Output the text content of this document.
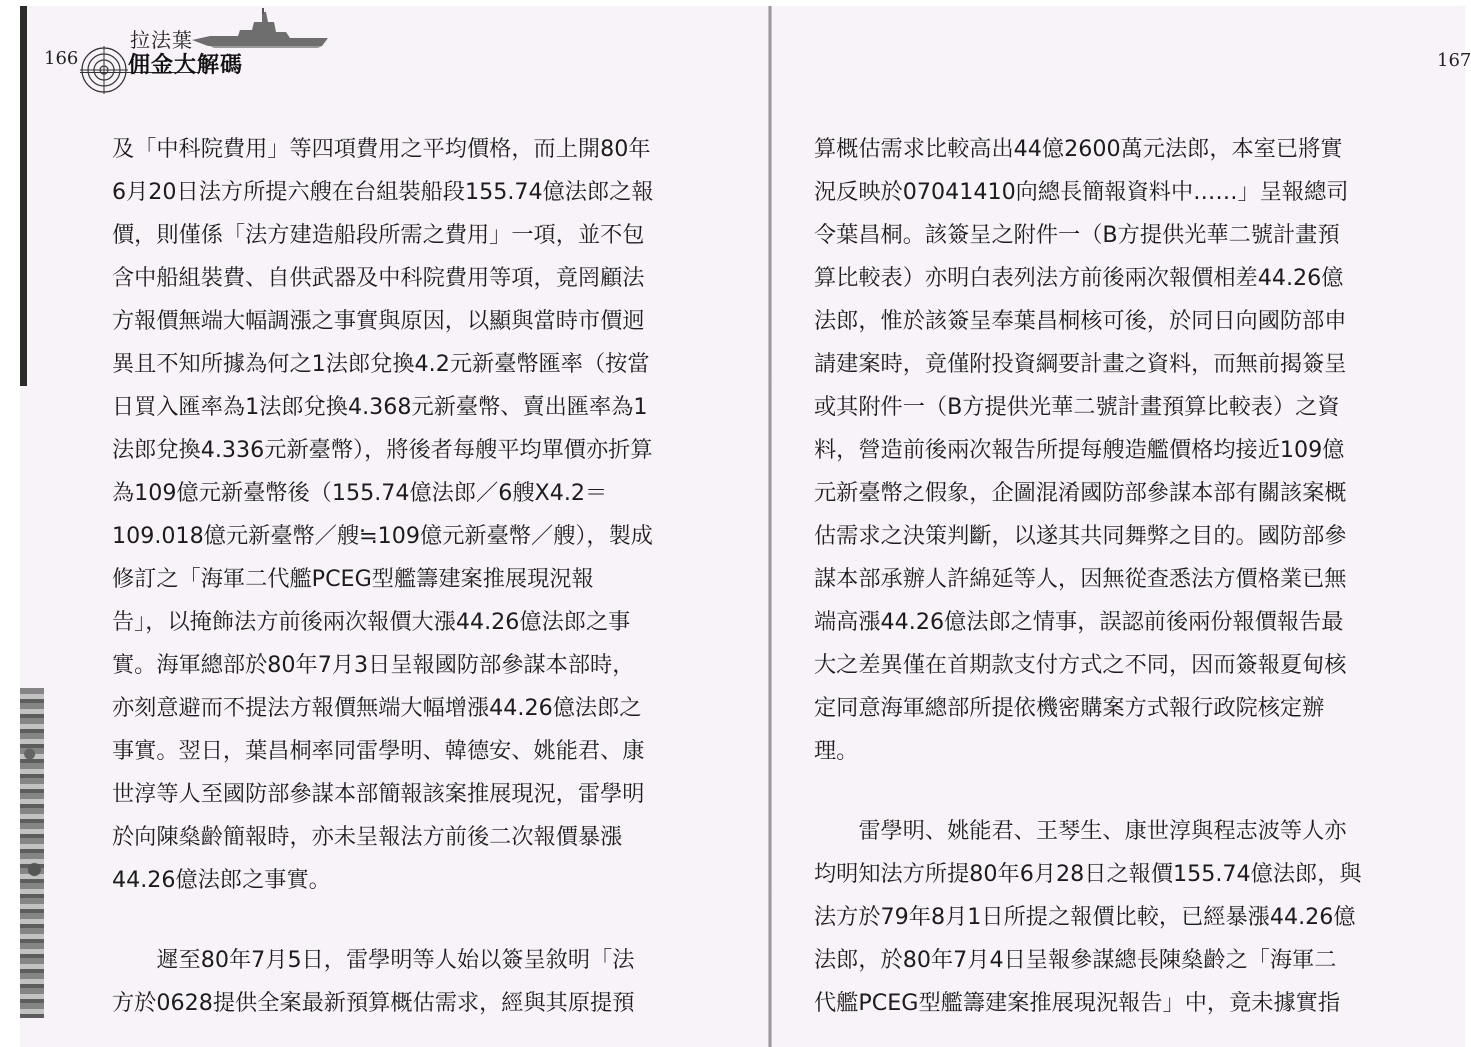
166	167
拉法葉
佣金大解碼
及「中科院費用」等四項費用之平均價格，而上開80年
6月20日法方所提六艘在台組裝船段155.74億法郎之報
價，則僅係「法方建造船段所需之費用」一項，並不包
含中船組裝費、自供武器及中科院費用等項，竟罔顧法
方報價無端大幅調漲之事實與原因，以顯與當時市價迥
異且不知所據為何之1法郎兌換4.2元新臺幣匯率（按當
日買入匯率為1法郎兌換4.368元新臺幣、賣出匯率為1
法郎兌換4.336元新臺幣），將後者每艘平均單價亦折算
為109億元新臺幣後（155.74億法郎／6艘X4.2＝
109.018億元新臺幣／艘≒109億元新臺幣／艘），製成
修訂之「海軍二代艦PCEG型艦籌建案推展現況報
告」，以掩飾法方前後兩次報價大漲44.26億法郎之事
實。海軍總部於80年7月3日呈報國防部參謀本部時，
亦刻意避而不提法方報價無端大幅增漲44.26億法郎之
事實。翌日，葉昌桐率同雷學明、韓德安、姚能君、康
世淳等人至國防部參謀本部簡報該案推展現況，雷學明
於向陳燊齡簡報時，亦未呈報法方前後二次報價暴漲
44.26億法郎之事實。
　　遲至80年7月5日，雷學明等人始以簽呈敘明「法
方於0628提供全案最新預算概估需求，經與其原提預
算概估需求比較高出44億2600萬元法郎，本室已將實
況反映於07041410向總長簡報資料中……」呈報總司
令葉昌桐。該簽呈之附件一（B方提供光華二號計畫預
算比較表）亦明白表列法方前後兩次報價相差44.26億
法郎，惟於該簽呈奉葉昌桐核可後，於同日向國防部申
請建案時，竟僅附投資綱要計畫之資料，而無前揭簽呈
或其附件一（B方提供光華二號計畫預算比較表）之資
料，營造前後兩次報告所提每艘造艦價格均接近109億
元新臺幣之假象，企圖混淆國防部參謀本部有關該案概
估需求之決策判斷，以遂其共同舞弊之目的。國防部參
謀本部承辦人許綿延等人，因無從查悉法方價格業已無
端高漲44.26億法郎之情事，誤認前後兩份報價報告最
大之差異僅在首期款支付方式之不同，因而簽報夏甸核
定同意海軍總部所提依機密購案方式報行政院核定辦
理。
　　雷學明、姚能君、王琴生、康世淳與程志波等人亦
均明知法方所提80年6月28日之報價155.74億法郎，與
法方於79年8月1日所提之報價比較，已經暴漲44.26億
法郎，於80年7月4日呈報參謀總長陳燊齡之「海軍二
代艦PCEG型艦籌建案推展現況報告」中，竟未據實指
